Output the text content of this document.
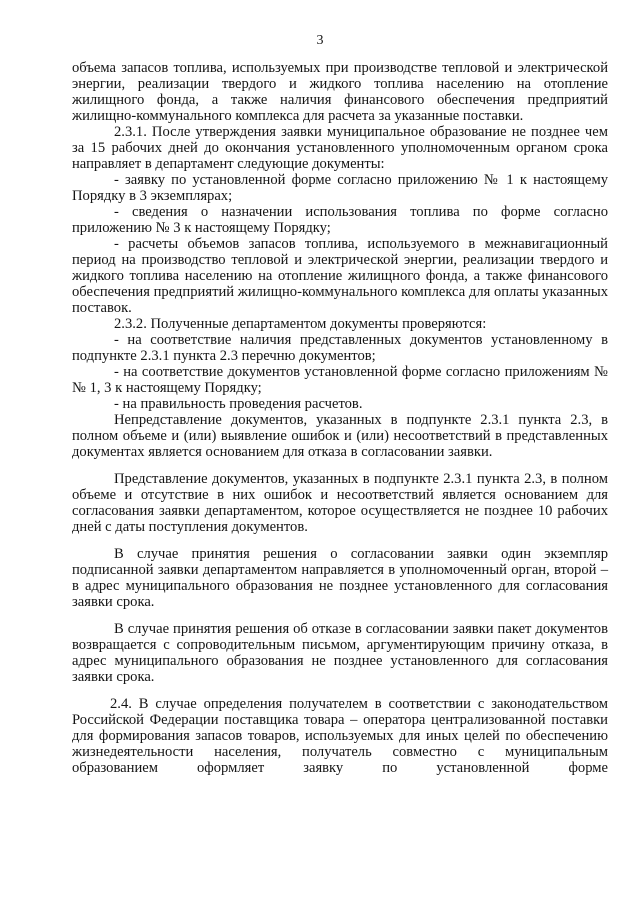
3

объема запасов топлива, используемых при производстве тепловой и электрической энергии, реализации твердого и жидкого топлива населению на отопление жилищного фонда, а также наличия финансового обеспечения предприятий жилищно-коммунального комплекса для расчета за указанные поставки.

2.3.1. После утверждения заявки муниципальное образование не позднее чем за 15 рабочих дней до окончания установленного уполномоченным органом срока направляет в департамент следующие документы:

- заявку по установленной форме согласно приложению № 1 к настоящему Порядку в 3 экземплярах;

- сведения о назначении использования топлива по форме согласно приложению № 3 к настоящему Порядку;

- расчеты объемов запасов топлива, используемого в межнавигационный период на производство тепловой и электрической энергии, реализации твердого и жидкого топлива населению на отопление жилищного фонда, а также финансового обеспечения предприятий жилищно-коммунального комплекса для оплаты указанных поставок.

2.3.2. Полученные департаментом документы проверяются:

- на соответствие наличия представленных документов установленному в подпункте 2.3.1 пункта 2.3 перечню документов;

- на соответствие документов установленной форме согласно приложениям №№ 1, 3 к настоящему Порядку;

- на правильность проведения расчетов.

Непредставление документов, указанных в подпункте 2.3.1 пункта 2.3, в полном объеме и (или) выявление ошибок и (или) несоответствий в представленных документах является основанием для отказа в согласовании заявки.

Представление документов, указанных в подпункте 2.3.1 пункта 2.3, в полном объеме и отсутствие в них ошибок и несоответствий является основанием для согласования заявки департаментом, которое осуществляется не позднее 10 рабочих дней с даты поступления документов.

В случае принятия решения о согласовании заявки один экземпляр подписанной заявки департаментом направляется в уполномоченный орган, второй – в адрес муниципального образования не позднее установленного для согласования заявки срока.

В случае принятия решения об отказе в согласовании заявки пакет документов возвращается с сопроводительным письмом, аргументирующим причину отказа, в адрес муниципального образования не позднее установленного для согласования заявки срока.

2.4. В случае определения получателем в соответствии с законодательством Российской Федерации поставщика товара – оператора централизованной поставки для формирования запасов товаров, используемых для иных целей по обеспечению жизнедеятельности населения, получатель совместно с муниципальным образованием оформляет заявку по установленной форме
